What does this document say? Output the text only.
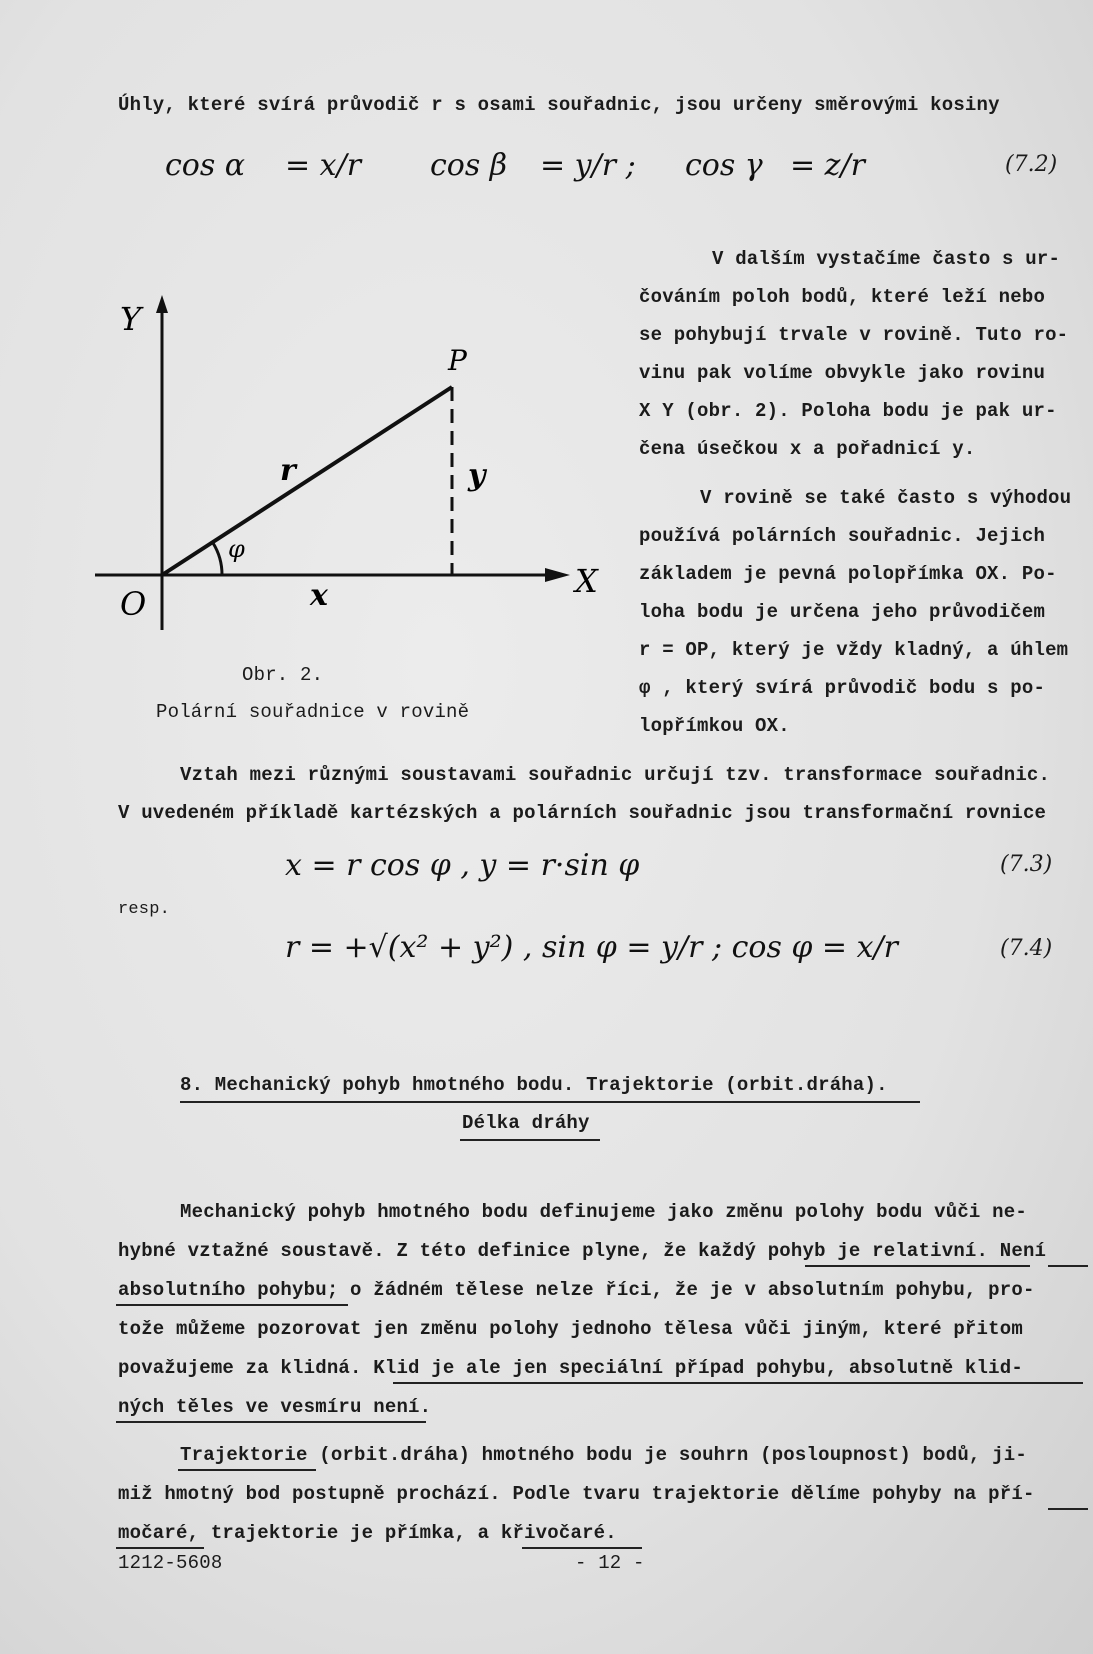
Úhly, které svírá průvodič r s osami souřadnic, jsou určeny směrovými kosiny
cos α = x/r cos β = y/r ; cos γ = z/r	(7.2)
V dalším vystačíme často s ur-
čováním poloh bodů, které leží nebo
se pohybují trvale v rovině. Tuto ro-
vinu pak volíme obvykle jako rovinu
X Y (obr. 2). Poloha bodu je pak ur-
čena úsečkou x a pořadnicí y.
V rovině se také často s výhodou
používá polárních souřadnic. Jejich
základem je pevná polopřímka OX. Po-
loha bodu je určena jeho průvodičem
r = OP, který je vždy kladný, a úhlem
φ , který svírá průvodič bodu s po-
lopřímkou OX.
Y
X
O
P
r	y
x
φ
Obr. 2.
Polární souřadnice v rovině
Vztah mezi různými soustavami souřadnic určují tzv. transformace souřadnic.
V uvedeném příkladě kartézských a polárních souřadnic jsou transformační rovnice
x = r cos φ , y = r·sin φ	(7.3)
resp.
r = +√(x² + y²) , sin φ = y/r ; cos φ = x/r	(7.4)
8. Mechanický pohyb hmotného bodu. Trajektorie (orbit.dráha).
Délka dráhy
Mechanický pohyb hmotného bodu definujeme jako změnu polohy bodu vůči ne-
hybné vztažné soustavě. Z této definice plyne, že každý pohyb je relativní. Není
absolutního pohybu; o žádném tělese nelze říci, že je v absolutním pohybu, pro-
tože můžeme pozorovat jen změnu polohy jednoho tělesa vůči jiným, které přitom
považujeme za klidná. Klid je ale jen speciální případ pohybu, absolutně klid-
ných těles ve vesmíru není.
Trajektorie (orbit.dráha) hmotného bodu je souhrn (posloupnost) bodů, ji-
miž hmotný bod postupně prochází. Podle tvaru trajektorie dělíme pohyby na pří-
močaré, trajektorie je přímka, a křivočaré.
1212-5608	- 12 -
